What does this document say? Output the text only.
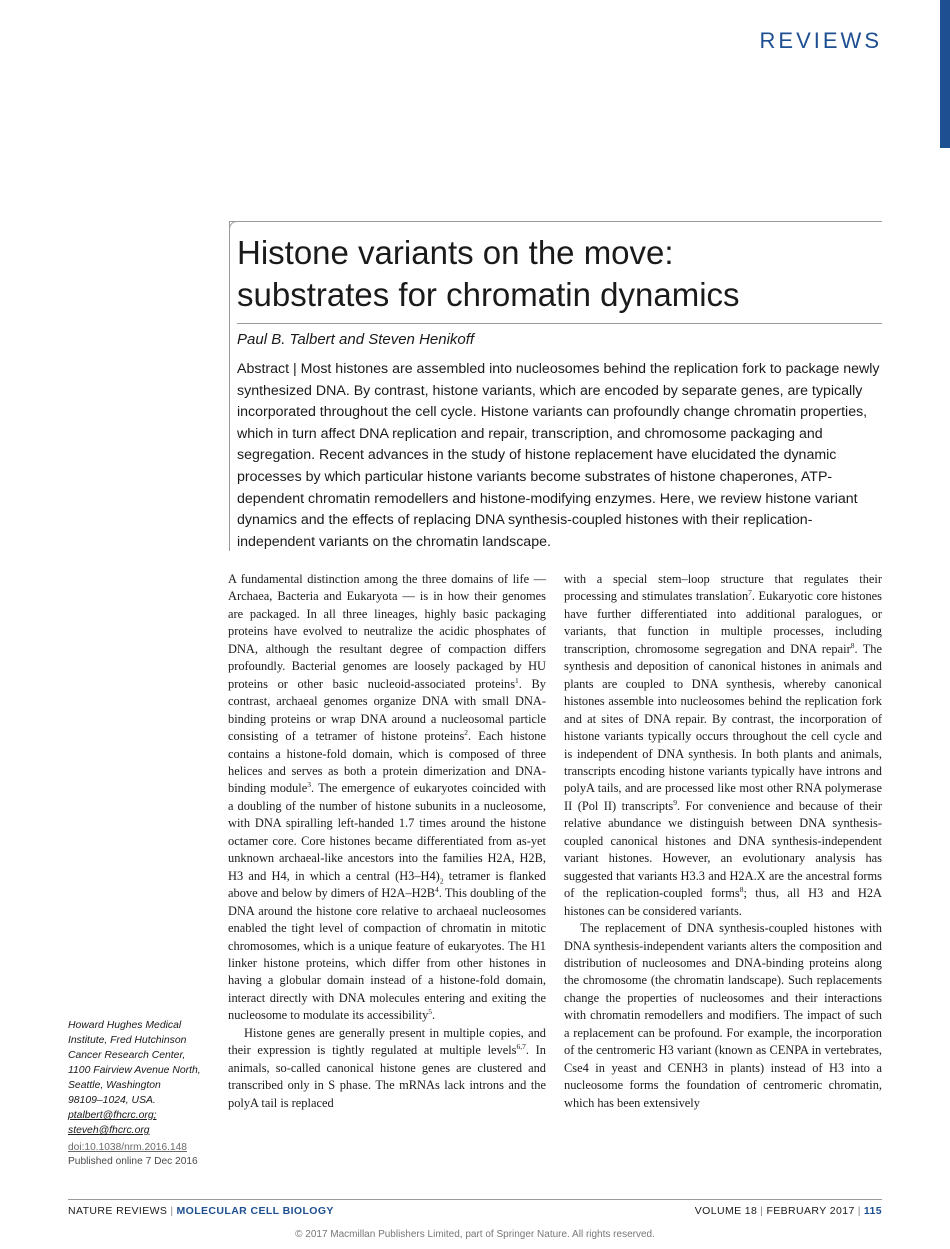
REVIEWS
Histone variants on the move:
substrates for chromatin dynamics
Paul B. Talbert and Steven Henikoff
Abstract | Most histones are assembled into nucleosomes behind the replication fork to package newly synthesized DNA. By contrast, histone variants, which are encoded by separate genes, are typically incorporated throughout the cell cycle. Histone variants can profoundly change chromatin properties, which in turn affect DNA replication and repair, transcription, and chromosome packaging and segregation. Recent advances in the study of histone replacement have elucidated the dynamic processes by which particular histone variants become substrates of histone chaperones, ATP-dependent chromatin remodellers and histone-modifying enzymes. Here, we review histone variant dynamics and the effects of replacing DNA synthesis-coupled histones with their replication-independent variants on the chromatin landscape.

A fundamental distinction among the three domains of life — Archaea, Bacteria and Eukaryota — is in how their genomes are packaged. In all three lineages, highly basic packaging proteins have evolved to neutralize the acidic phosphates of DNA, although the resultant degree of compaction differs profoundly. Bacterial genomes are loosely packaged by HU proteins or other basic nucleoid-associated proteins$^1$. By contrast, archaeal genomes organize DNA with small DNA-binding proteins or wrap DNA around a nucleosomal particle consisting of a tetramer of histone proteins$^2$. Each histone contains a histone-fold domain, which is composed of three helices and serves as both a protein dimerization and DNA-binding module$^3$. The emergence of eukaryotes coincided with a doubling of the number of histone subunits in a nucleosome, with DNA spiralling left-handed 1.7 times around the histone octamer core. Core histones became differentiated from as-yet unknown archaeal-like ancestors into the families H2A, H2B, H3 and H4, in which a central $(H3-H4)_2$ tetramer is flanked above and below by dimers of $H2A-H2B^4$. This doubling of the DNA around the histone core relative to archaeal nucleosomes enabled the tight level of compaction of chromatin in mitotic chromosomes, which is a unique feature of eukaryotes. The H1 linker histone proteins, which differ from other histones in having a globular domain instead of a histone-fold domain, interact directly with DNA molecules entering and exiting the nucleosome to modulate its accessibility$^5$.

Histone genes are generally present in multiple copies, and their expression is tightly regulated at multiple levels$^{6,7}$. In animals, so-called canonical histone genes are clustered and transcribed only in S phase. The mRNAs lack introns and the polyA tail is replaced

with a special stem–loop structure that regulates their processing and stimulates translation$^7$. Eukaryotic core histones have further differentiated into additional paralogues, or variants, that function in multiple processes, including transcription, chromosome segregation and DNA repair$^8$. The synthesis and deposition of canonical histones in animals and plants are coupled to DNA synthesis, whereby canonical histones assemble into nucleosomes behind the replication fork and at sites of DNA repair. By contrast, the incorporation of histone variants typically occurs throughout the cell cycle and is independent of DNA synthesis. In both plants and animals, transcripts encoding histone variants typically have introns and polyA tails, and are processed like most other RNA polymerase II (Pol II) transcripts$^9$. For convenience and because of their relative abundance we distinguish between DNA synthesis-coupled canonical histones and DNA synthesis-independent variant histones. However, an evolutionary analysis has suggested that variants H3.3 and H2A.X are the ancestral forms of the replication-coupled forms$^8$; thus, all H3 and H2A histones can be considered variants.

The replacement of DNA synthesis-coupled histones with DNA synthesis-independent variants alters the composition and distribution of nucleosomes and DNA-binding proteins along the chromosome (the chromatin landscape). Such replacements change the properties of nucleosomes and their interactions with chromatin remodellers and modifiers. The impact of such a replacement can be profound. For example, the incorporation of the centromeric H3 variant (known as CENPA in vertebrates, Cse4 in yeast and CENH3 in plants) instead of H3 into a nucleosome forms the foundation of centromeric chromatin, which has been extensively

Howard Hughes Medical
Institute, Fred Hutchinson
Cancer Research Center,
1100 Fairview Avenue North,
Seattle, Washington
98109–1024, USA.
ptalbert@fhcrc.org;
steveh@fhcrc.org
doi:10.1038/nrm.2016.148
Published online 7 Dec 2016
NATURE REVIEWS | MOLECULAR CELL BIOLOGY	VOLUME 18 | FEBRUARY 2017 | 115
© 2017 Macmillan Publishers Limited, part of Springer Nature. All rights reserved.
